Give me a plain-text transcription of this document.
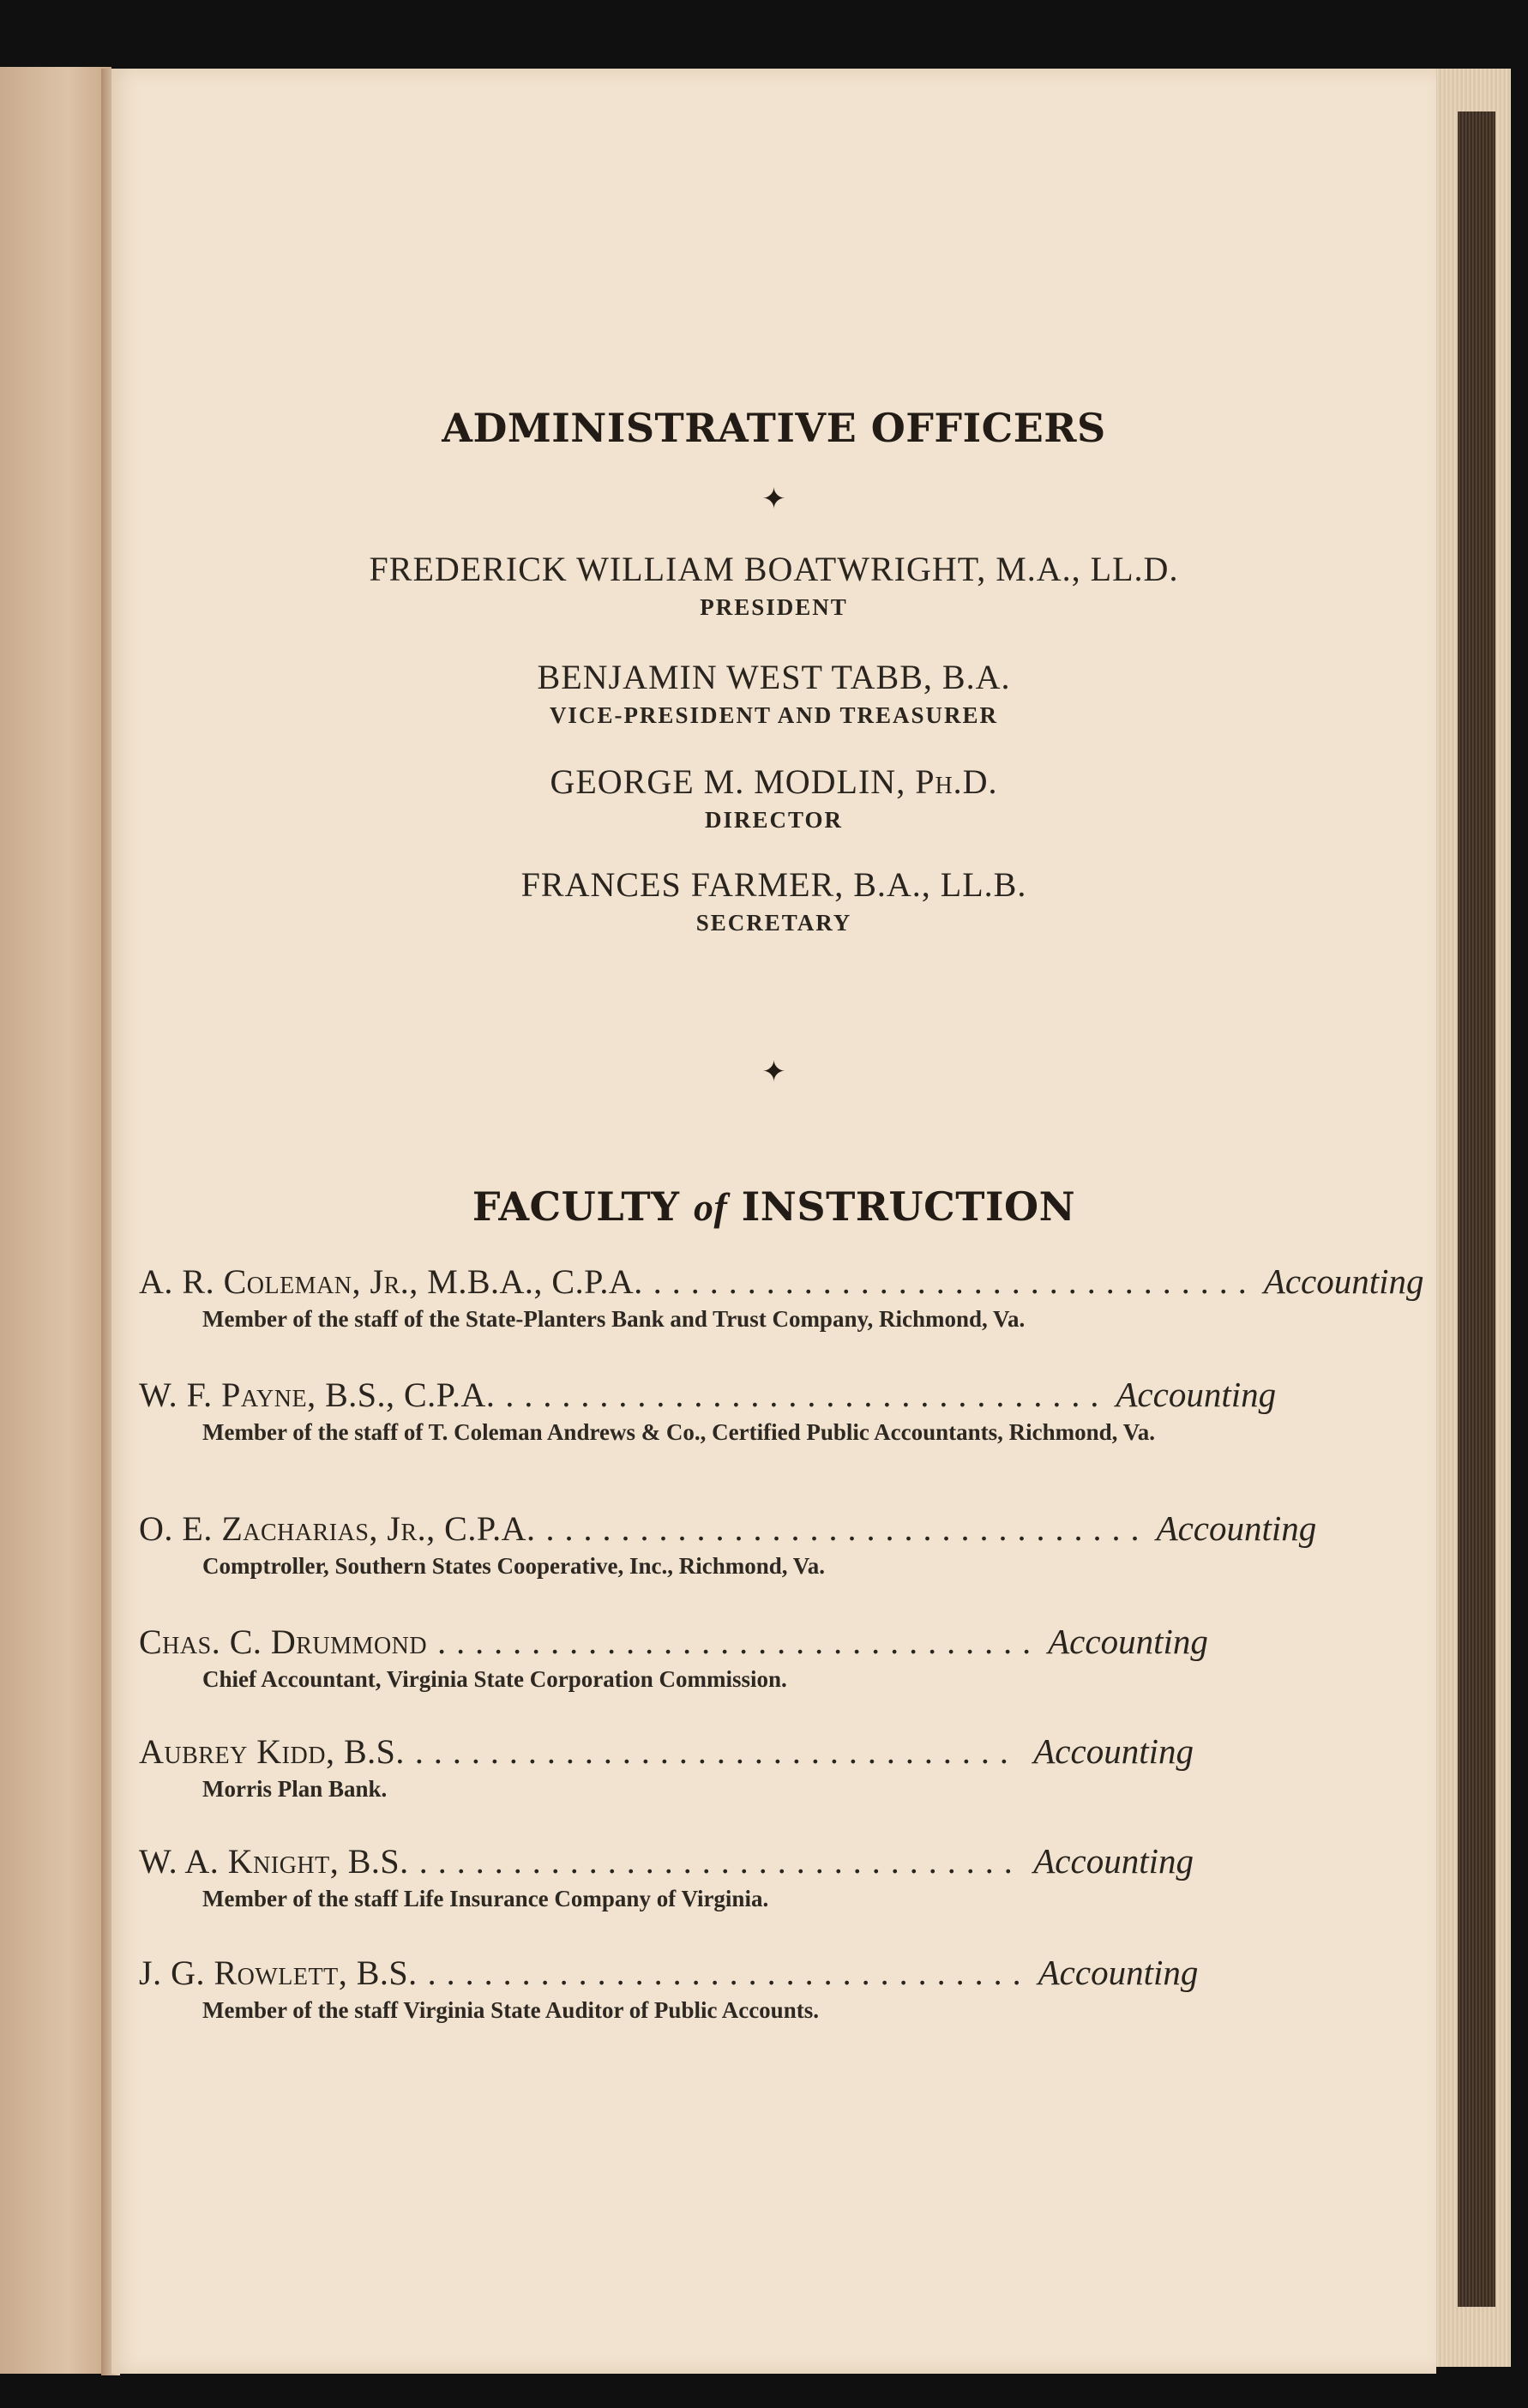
ADMINISTRATIVE OFFICERS
✦
FREDERICK WILLIAM BOATWRIGHT, M.A., LL.D.
PRESIDENT
BENJAMIN WEST TABB, B.A.
VICE-PRESIDENT AND TREASURER
GEORGE M. MODLIN, Ph.D.
DIRECTOR
FRANCES FARMER, B.A., LL.B.
SECRETARY
✦
FACULTY of INSTRUCTION
A. R. Coleman, Jr., M.B.A., C.P.A. ................................ Accounting
Member of the staff of the State-Planters Bank and Trust Company, Richmond, Va.
W. F. Payne, B.S., C.P.A. ................................ Accounting
Member of the staff of T. Coleman Andrews & Co., Certified Public Accountants, Richmond, Va.
O. E. Zacharias, Jr., C.P.A. ................................ Accounting
Comptroller, Southern States Cooperative, Inc., Richmond, Va.
Chas. C. Drummond ................................ Accounting
Chief Accountant, Virginia State Corporation Commission.
Aubrey Kidd, B.S. ................................ Accounting
Morris Plan Bank.
W. A. Knight, B.S. ................................ Accounting
Member of the staff Life Insurance Company of Virginia.
J. G. Rowlett, B.S. ................................ Accounting
Member of the staff Virginia State Auditor of Public Accounts.
